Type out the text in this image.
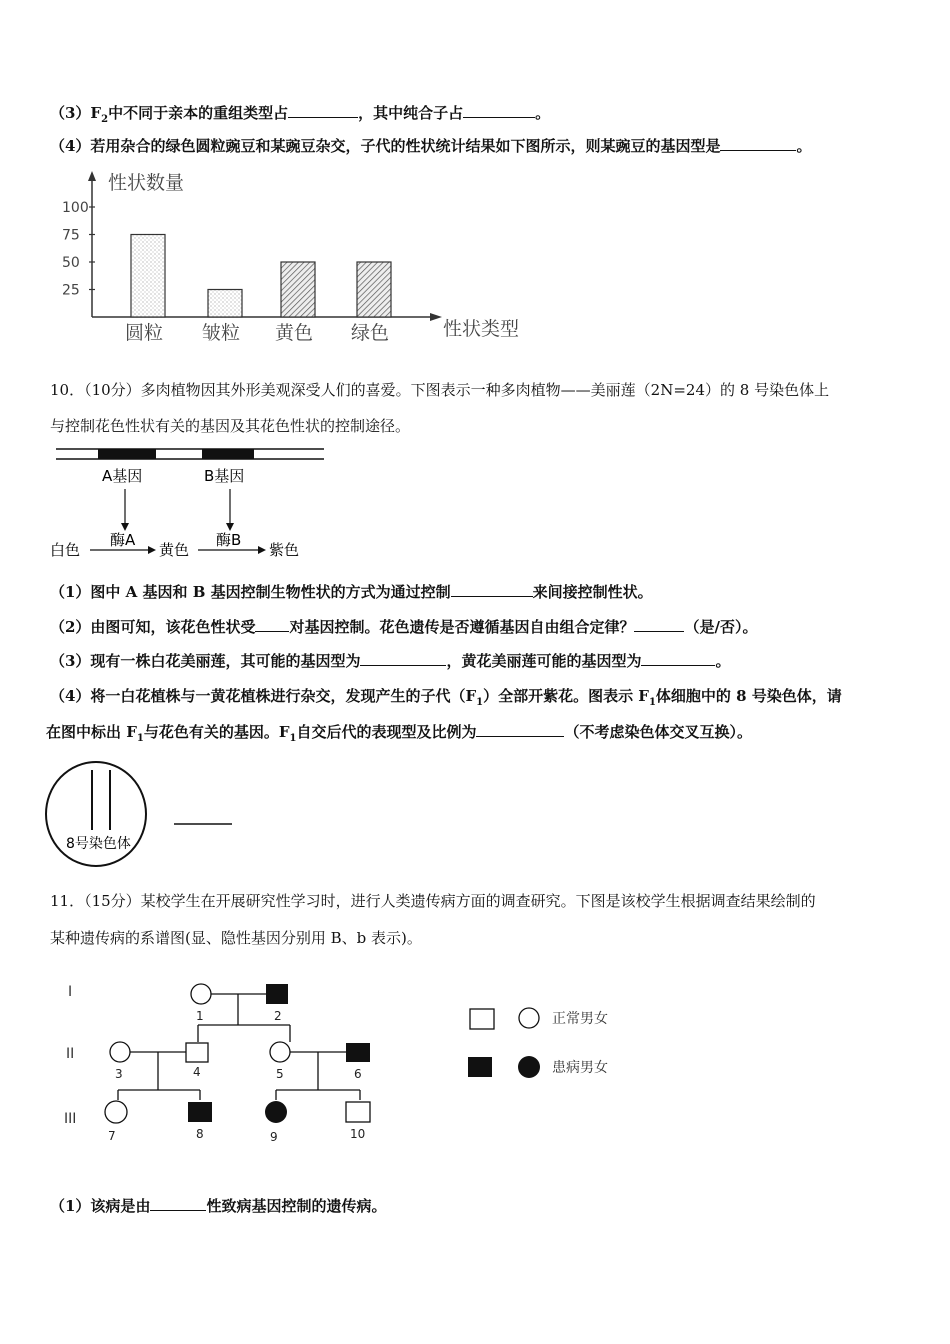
$(3)F_2$中不同于亲本的重组类型占	，其中纯合子占	。
（4）若用杂合的绿色圆粒豌豆和某豌豆杂交，子代的性状统计结果如下图所示，则某豌豆的基因型是	。
性状数量
性状类型
100
75
50
25
圆粒 皱粒 黄色 绿色
10．（10分）多肉植物因其外形美观深受人们的喜爱。下图表示一种多肉植物——美丽莲（2N=24）的 8 号染色体上
与控制花色性状有关的基因及其花色性状的控制途径。
A基因	B基因
白色
酶A
黄色
酶B
紫色
（1）图中 A 基因和 B 基因控制生物性状的方式为通过控制	来间接控制性状。
（2）由图可知，该花色性状受 对基因控制。花色遗传是否遵循基因自由组合定律？	（是/否）。
（3）现有一株白花美丽莲，其可能的基因型为	，黄花美丽莲可能的基因型为	。
（4）将一白花植株与一黄花植株进行杂交，发现产生的子代$(F_1)$全部开紫花。图表示 $F_1$体细胞中的 8 号染色体，请
在图中标出 $F_1$与花色有关的基因。$F_1$自交后代的表现型及比例为	（不考虑染色体交叉互换）。
8号染色体
11．（15分）某校学生在开展研究性学习时，进行人类遗传病方面的调查研究。下图是该校学生根据调查结果绘制的
某种遗传病的系谱图(显、隐性基因分别用 B、b 表示)。
I
II
III
1	2
3	4	5	6
7	8	9	10
正常男女
患病男女
（1）该病是由	性致病基因控制的遗传病。
